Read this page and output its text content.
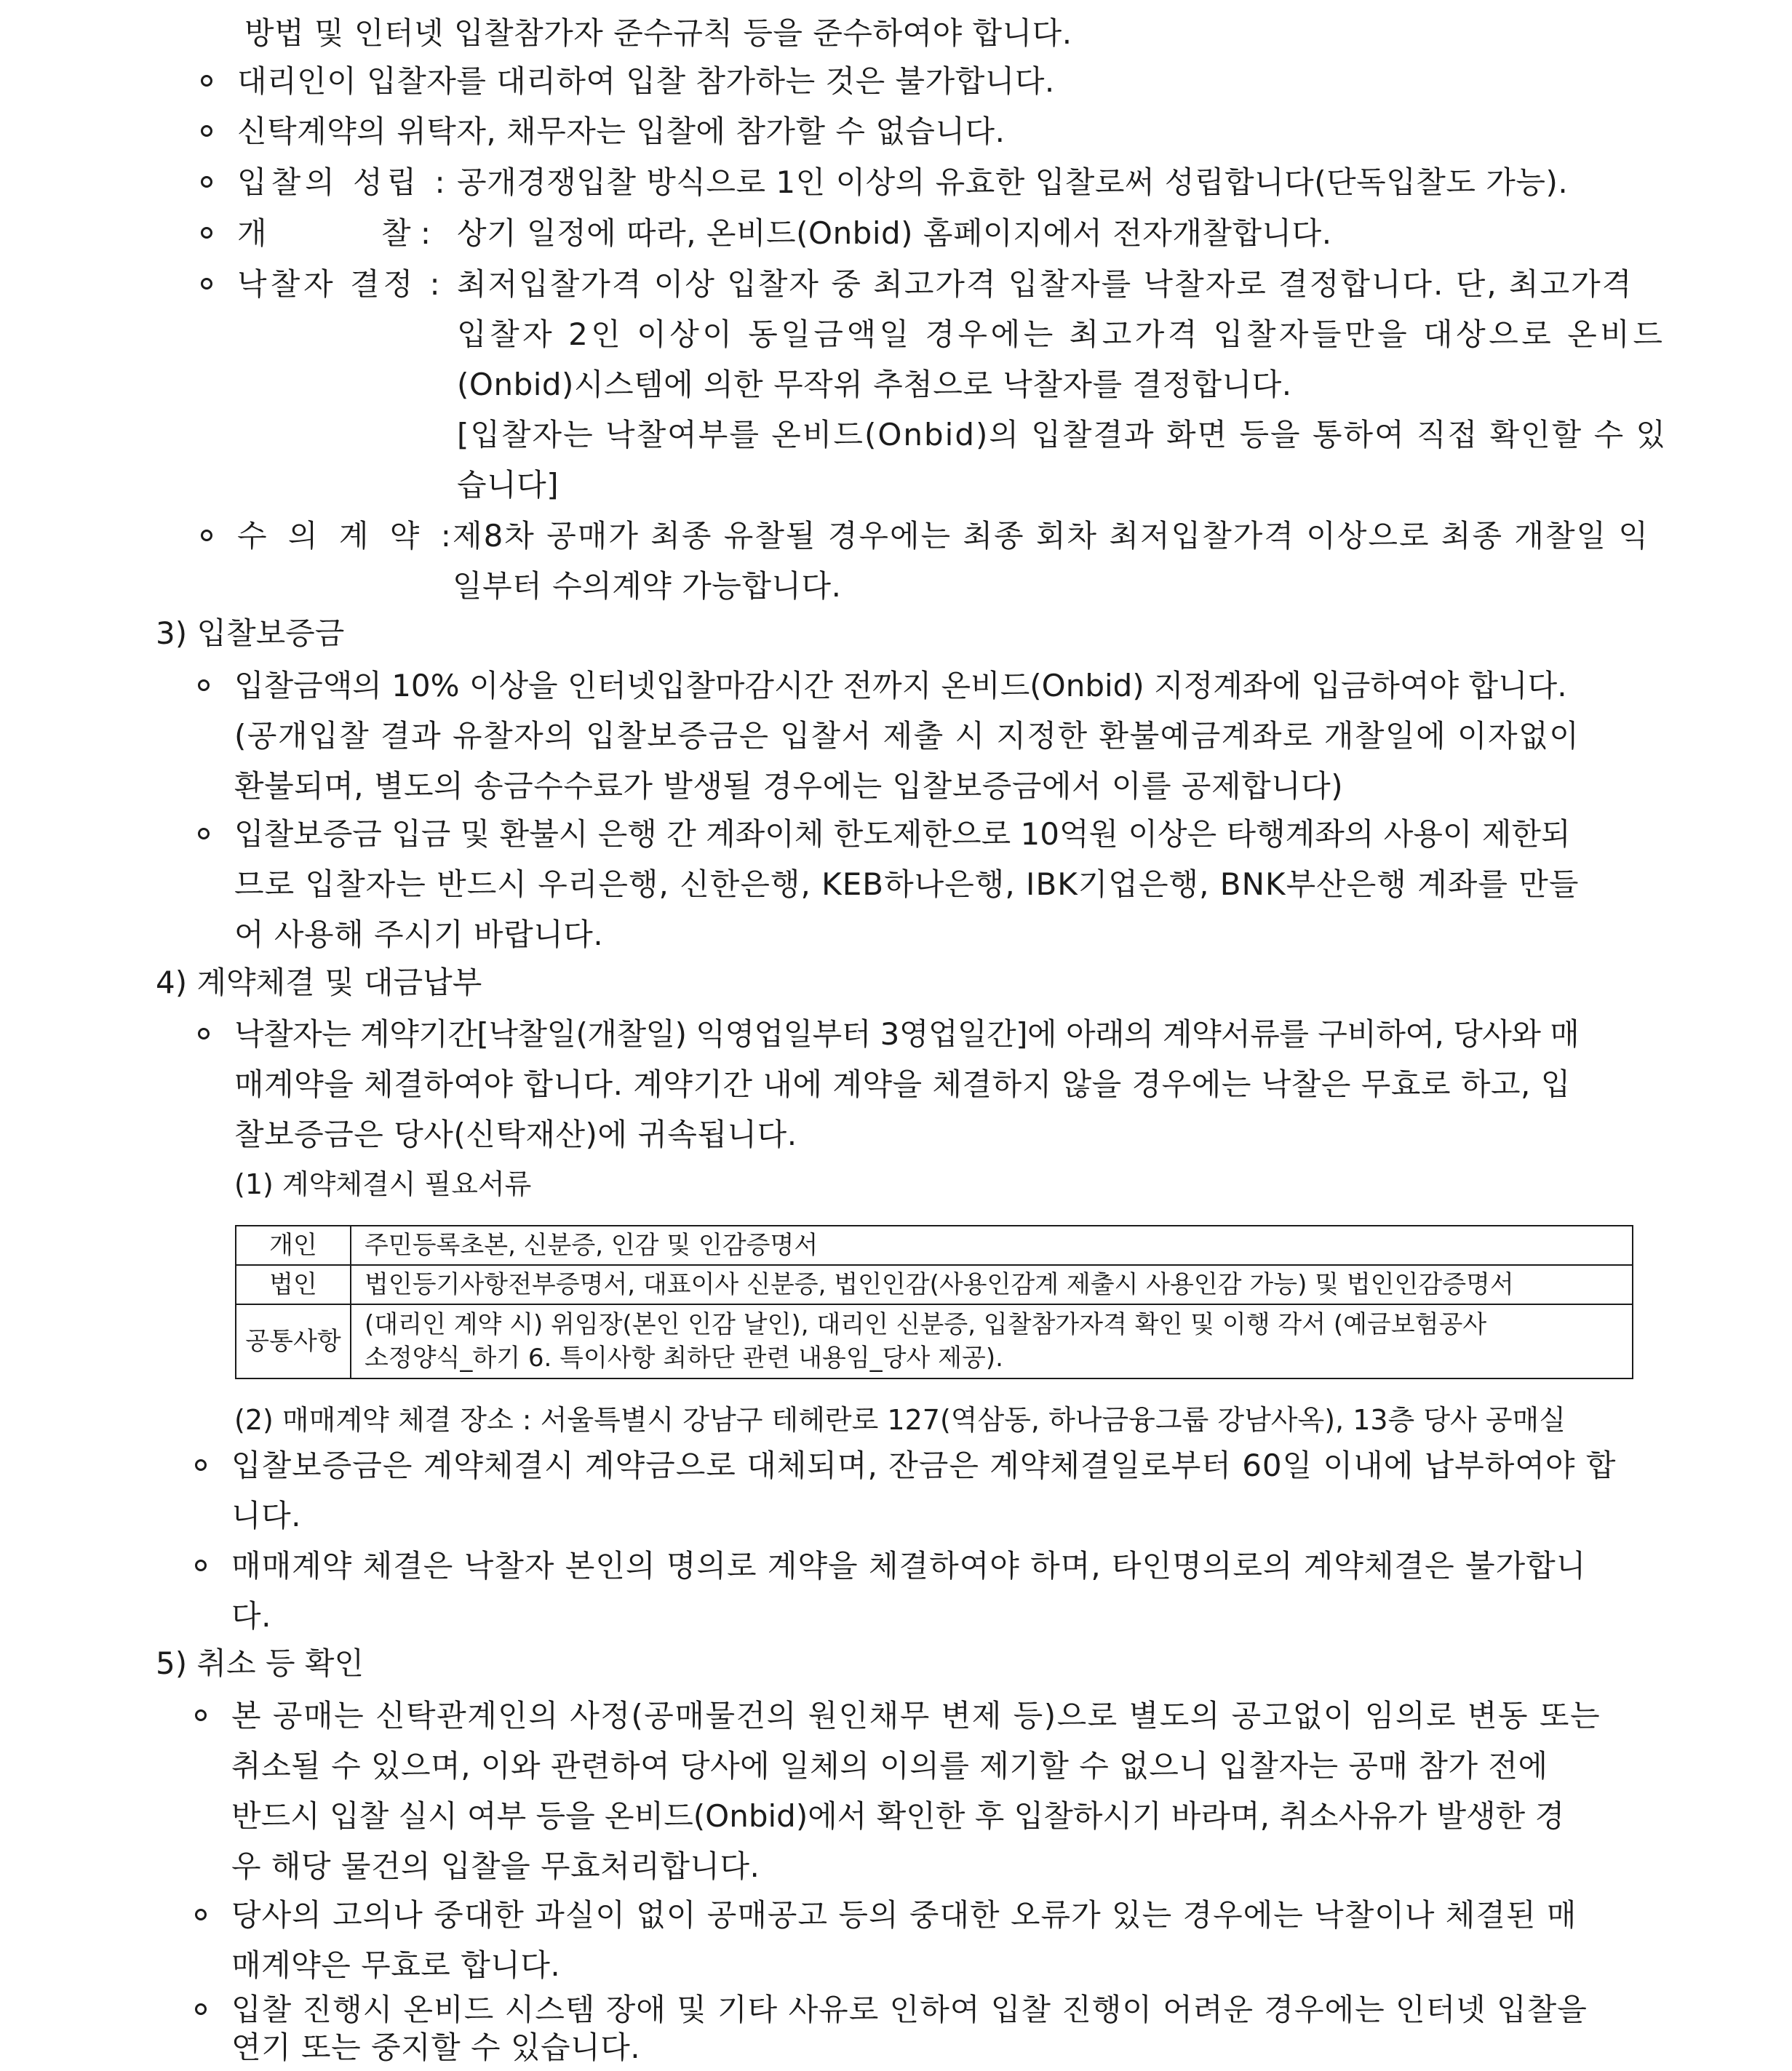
방법 및 인터넷 입찰참가자 준수규칙 등을 준수하여야 합니다.
대리인이 입찰자를 대리하여 입찰 참가하는 것은 불가합니다.
신탁계약의 위탁자, 채무자는 입찰에 참가할 수 없습니다.
입찰의 성립 : 공개경쟁입찰 방식으로 1인 이상의 유효한 입찰로써 성립합니다(단독입찰도 가능).
개	찰 : 상기 일정에 따라, 온비드(Onbid) 홈페이지에서 전자개찰합니다.
낙찰자 결정 : 최저입찰가격 이상 입찰자 중 최고가격 입찰자를 낙찰자로 결정합니다. 단, 최고가격
입찰자 2인 이상이 동일금액일 경우에는 최고가격 입찰자들만을 대상으로 온비드
(Onbid)시스템에 의한 무작위 추첨으로 낙찰자를 결정합니다.
[입찰자는 낙찰여부를 온비드(Onbid)의 입찰결과 화면 등을 통하여 직접 확인할 수 있
습니다]
수 의 계 약 :
제8차 공매가 최종 유찰될 경우에는 최종 회차 최저입찰가격 이상으로 최종 개찰일 익
일부터 수의계약 가능합니다.
3) 입찰보증금
입찰금액의 10% 이상을 인터넷입찰마감시간 전까지 온비드(Onbid) 지정계좌에 입금하여야 합니다.
(공개입찰 결과 유찰자의 입찰보증금은 입찰서 제출 시 지정한 환불예금계좌로 개찰일에 이자없이
환불되며, 별도의 송금수수료가 발생될 경우에는 입찰보증금에서 이를 공제합니다)
입찰보증금 입금 및 환불시 은행 간 계좌이체 한도제한으로 10억원 이상은 타행계좌의 사용이 제한되
므로 입찰자는 반드시 우리은행, 신한은행, KEB하나은행, IBK기업은행, BNK부산은행 계좌를 만들
어 사용해 주시기 바랍니다.
4) 계약체결 및 대금납부
낙찰자는 계약기간[낙찰일(개찰일) 익영업일부터 3영업일간]에 아래의 계약서류를 구비하여, 당사와 매
매계약을 체결하여야 합니다. 계약기간 내에 계약을 체결하지 않을 경우에는 낙찰은 무효로 하고, 입
찰보증금은 당사(신탁재산)에 귀속됩니다.
(1) 계약체결시 필요서류
개인	주민등록초본, 신분증, 인감 및 인감증명서
법인	법인등기사항전부증명서, 대표이사 신분증, 법인인감(사용인감계 제출시 사용인감 가능) 및 법인인감증명서
공통사항	(대리인 계약 시) 위임장(본인 인감 날인), 대리인 신분증, 입찰참가자격 확인 및 이행 각서 (예금보험공사
소정양식_하기 6. 특이사항 최하단 관련 내용임_당사 제공).
(2) 매매계약 체결 장소 : 서울특별시 강남구 테헤란로 127(역삼동, 하나금융그룹 강남사옥), 13층 당사 공매실
입찰보증금은 계약체결시 계약금으로 대체되며, 잔금은 계약체결일로부터 60일 이내에 납부하여야 합
니다.
매매계약 체결은 낙찰자 본인의 명의로 계약을 체결하여야 하며, 타인명의로의 계약체결은 불가합니
다.
5) 취소 등 확인
본 공매는 신탁관계인의 사정(공매물건의 원인채무 변제 등)으로 별도의 공고없이 임의로 변동 또는
취소될 수 있으며, 이와 관련하여 당사에 일체의 이의를 제기할 수 없으니 입찰자는 공매 참가 전에
반드시 입찰 실시 여부 등을 온비드(Onbid)에서 확인한 후 입찰하시기 바라며, 취소사유가 발생한 경
우 해당 물건의 입찰을 무효처리합니다.
당사의 고의나 중대한 과실이 없이 공매공고 등의 중대한 오류가 있는 경우에는 낙찰이나 체결된 매
매계약은 무효로 합니다.
입찰 진행시 온비드 시스템 장애 및 기타 사유로 인하여 입찰 진행이 어려운 경우에는 인터넷 입찰을
연기 또는 중지할 수 있습니다.
